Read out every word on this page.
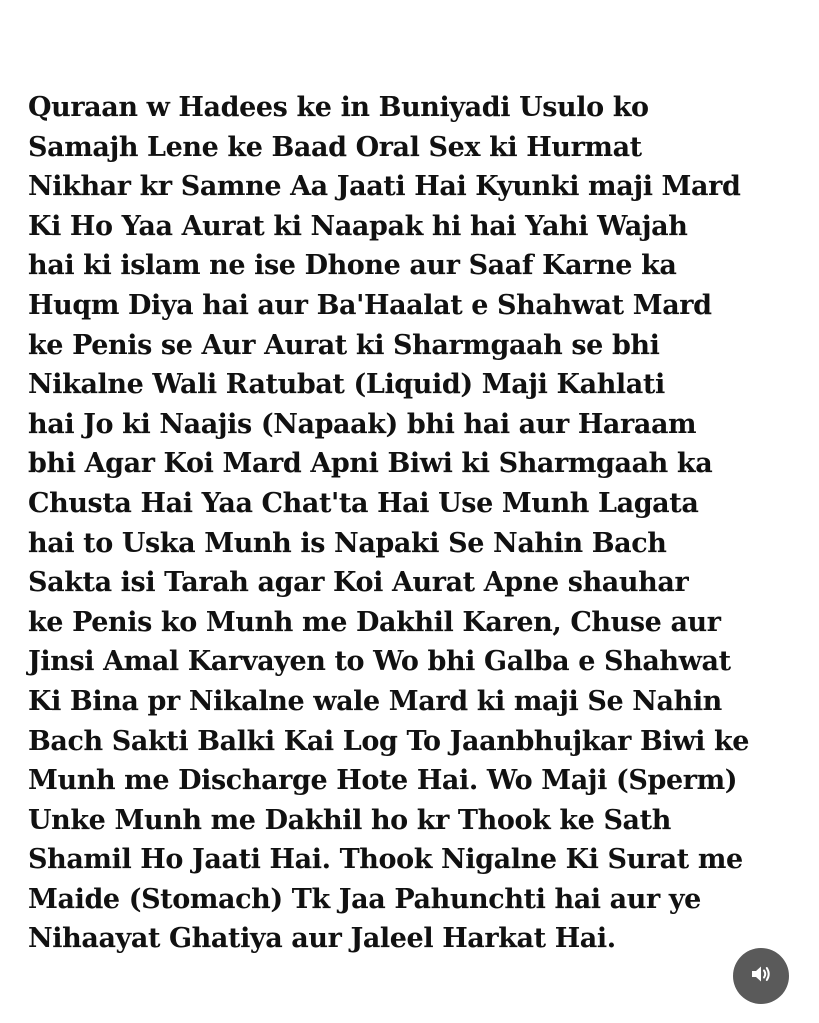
Quraan w Hadees ke in Buniyadi Usulo ko
Samajh Lene ke Baad Oral Sex ki Hurmat
Nikhar kr Samne Aa Jaati Hai Kyunki maji Mard
Ki Ho Yaa Aurat ki Naapak hi hai Yahi Wajah
hai ki islam ne ise Dhone aur Saaf Karne ka
Huqm Diya hai aur Ba'Haalat e Shahwat Mard
ke Penis se Aur Aurat ki Sharmgaah se bhi
Nikalne Wali Ratubat (Liquid) Maji Kahlati
hai Jo ki Naajis (Napaak) bhi hai aur Haraam
bhi Agar Koi Mard Apni Biwi ki Sharmgaah ka
Chusta Hai Yaa Chat'ta Hai Use Munh Lagata
hai to Uska Munh is Napaki Se Nahin Bach
Sakta isi Tarah agar Koi Aurat Apne shauhar
ke Penis ko Munh me Dakhil Karen, Chuse aur
Jinsi Amal Karvayen to Wo bhi Galba e Shahwat
Ki Bina pr Nikalne wale Mard ki maji Se Nahin
Bach Sakti Balki Kai Log To Jaanbhujkar Biwi ke
Munh me Discharge Hote Hai. Wo Maji (Sperm)
Unke Munh me Dakhil ho kr Thook ke Sath
Shamil Ho Jaati Hai. Thook Nigalne Ki Surat me
Maide (Stomach) Tk Jaa Pahunchti hai aur ye
Nihaayat Ghatiya aur Jaleel Harkat Hai.
